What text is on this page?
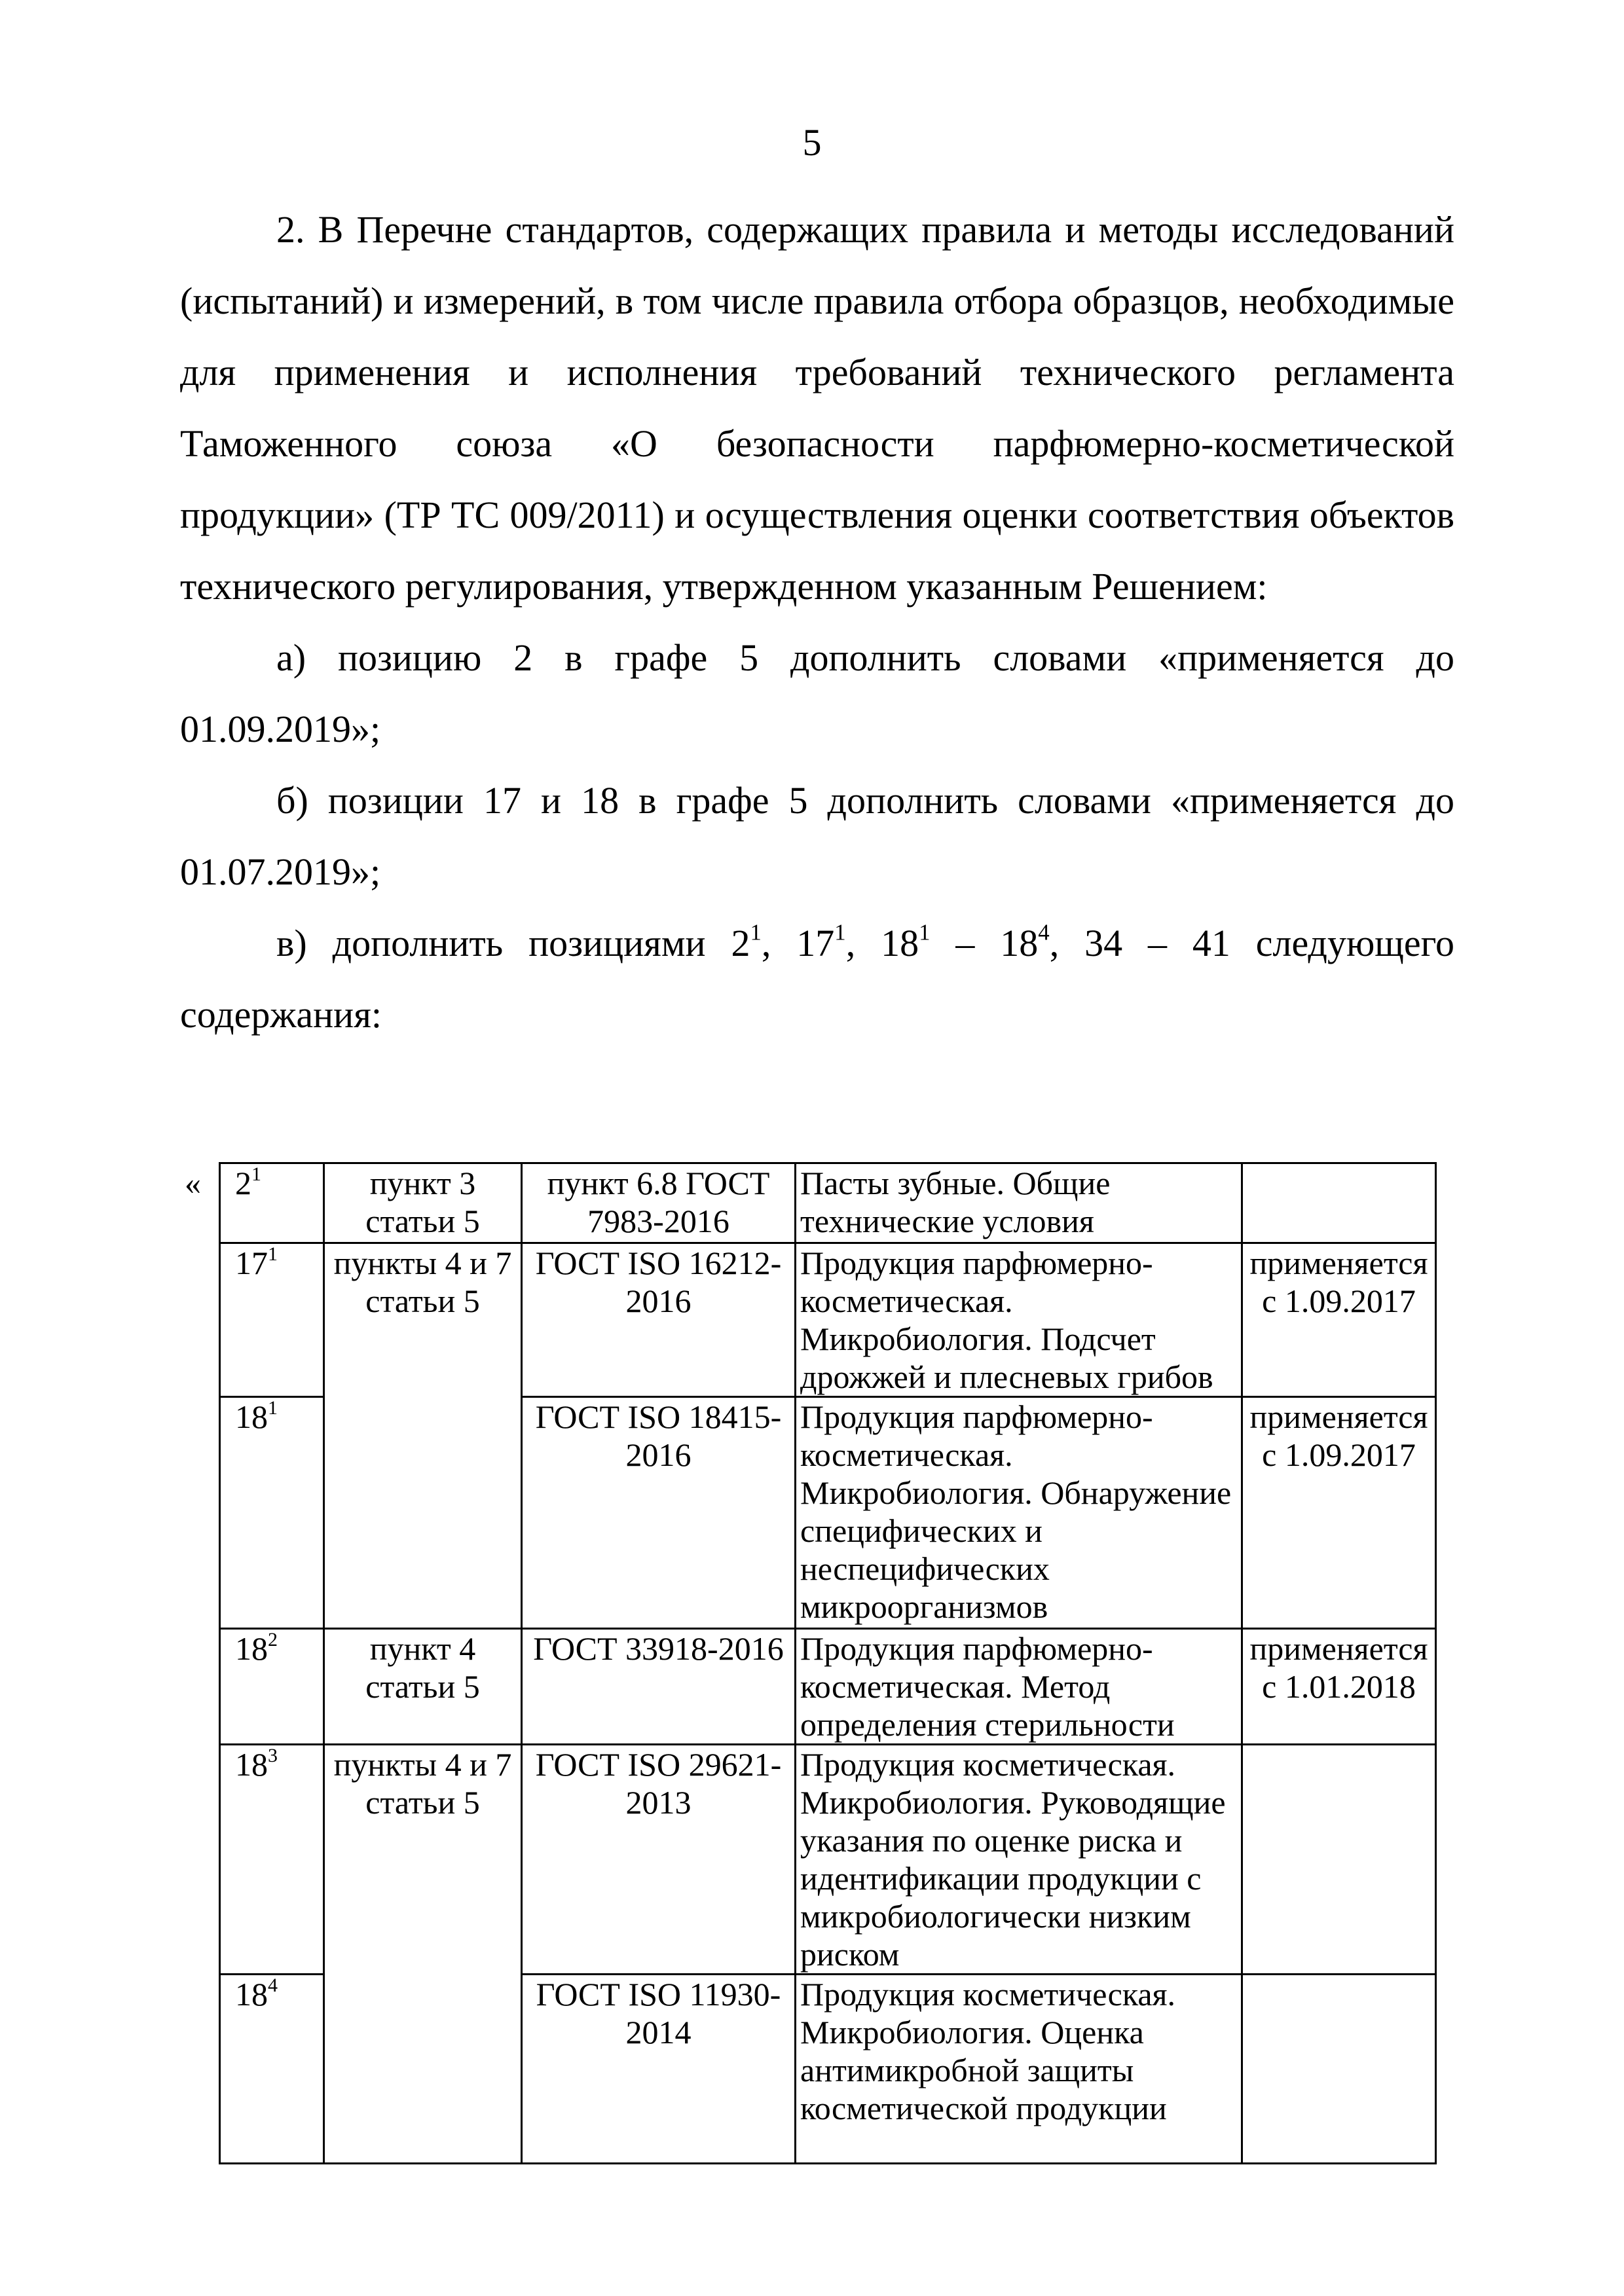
5

2. В Перечне стандартов, содержащих правила и методы исследований (испытаний) и измерений, в том числе правила отбора образцов, необходимые для применения и исполнения требований технического регламента Таможенного союза «О безопасности парфюмерно-косметической продукции» (ТР ТС 009/2011) и осуществления оценки соответствия объектов технического регулирования, утвержденном указанным Решением:

а) позицию 2 в графе 5 дополнить словами «применяется до 01.09.2019»;

б) позиции 17 и 18 в графе 5 дополнить словами «применяется до 01.07.2019»;

в) дополнить позициями $2^1$, $17^1$, $18^1 - 18^4$, 34 – 41 следующего содержания:

« $2^1$	пункт 3 статьи 5	пункт 6.8 ГОСТ 7983-2016	Пасты зубные. Общие технические условия	
$17^1$	пункты 4 и 7 статьи 5	ГОСТ ISO 16212-2016	Продукция парфюмерно-косметическая. Микробиология. Подсчет дрожжей и плесневых грибов	применяется с 1.09.2017
$18^1$		ГОСТ ISO 18415-2016	Продукция парфюмерно-косметическая. Микробиология. Обнаружение специфических и неспецифических микроорганизмов	применяется с 1.09.2017
$18^2$	пункт 4 статьи 5	ГОСТ 33918-2016	Продукция парфюмерно-косметическая. Метод определения стерильности	применяется с 1.01.2018
$18^3$	пункты 4 и 7 статьи 5	ГОСТ ISO 29621-2013	Продукция косметическая. Микробиология. Руководящие указания по оценке риска и идентификации продукции с микробиологически низким риском	
$18^4$		ГОСТ ISO 11930-2014	Продукция косметическая. Микробиология. Оценка антимикробной защиты косметической продукции	
